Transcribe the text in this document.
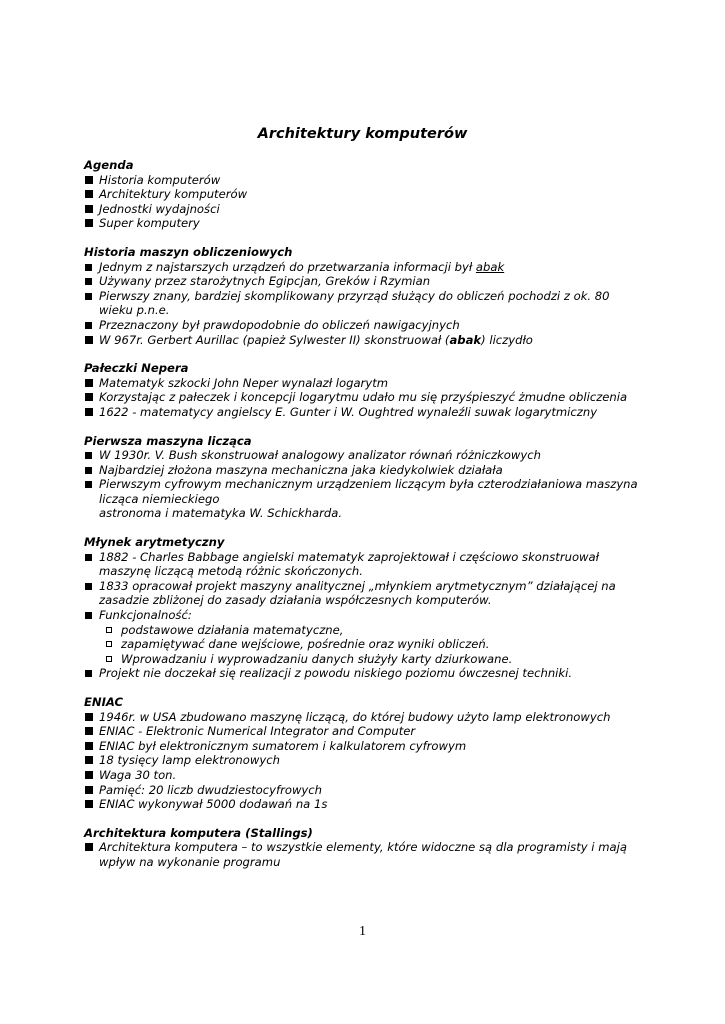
Architektury komputerów

Agenda

Historia komputerów
Architektury komputerów
Jednostki wydajności
Super komputery

Historia maszyn obliczeniowych

Jednym z najstarszych urządzeń do przetwarzania informacji był abak
Używany przez starożytnych Egipcjan, Greków i Rzymian
Pierwszy znany, bardziej skomplikowany przyrząd służący do obliczeń pochodzi z ok. 80 wieku p.n.e.
Przeznaczony był prawdopodobnie do obliczeń nawigacyjnych
W 967r. Gerbert Aurillac (papież Sylwester II) skonstruował (abak) liczydło

Pałeczki Nepera

Matematyk szkocki John Neper wynalazł logarytm
Korzystając z pałeczek i koncepcji logarytmu udało mu się przyśpieszyć żmudne obliczenia
1622 - matematycy angielscy E. Gunter i W. Oughtred wynaleźli suwak logarytmiczny

Pierwsza maszyna licząca

W 1930r. V. Bush skonstruował analogowy analizator równań różniczkowych
Najbardziej złożona maszyna mechaniczna jaka kiedykolwiek działała
Pierwszym cyfrowym mechanicznym urządzeniem liczącym była czterodziałaniowa maszyna licząca niemieckiego
astronoma i matematyka W. Schickharda.

Młynek arytmetyczny

1882 - Charles Babbage angielski matematyk zaprojektował i częściowo skonstruował maszynę liczącą metodą różnic skończonych.
1833 opracował projekt maszyny analitycznej „młynkiem arytmetycznym” działającej na zasadzie zbliżonej do zasady działania współczesnych komputerów.
Funkcjonalność:
podstawowe działania matematyczne,
zapamiętywać dane wejściowe, pośrednie oraz wyniki obliczeń.
Wprowadzaniu i wyprowadzaniu danych służyły karty dziurkowane.
Projekt nie doczekał się realizacji z powodu niskiego poziomu ówczesnej techniki.

ENIAC

1946r. w USA zbudowano maszynę liczącą, do której budowy użyto lamp elektronowych
ENIAC - Elektronic Numerical Integrator and Computer
ENIAC był elektronicznym sumatorem i kalkulatorem cyfrowym
18 tysięcy lamp elektronowych
Waga 30 ton.
Pamięć: 20 liczb dwudziestocyfrowych
ENIAC wykonywał 5000 dodawań na 1s

Architektura komputera (Stallings)

Architektura komputera – to wszystkie elementy, które widoczne są dla programisty i mają wpływ na wykonanie programu
1
